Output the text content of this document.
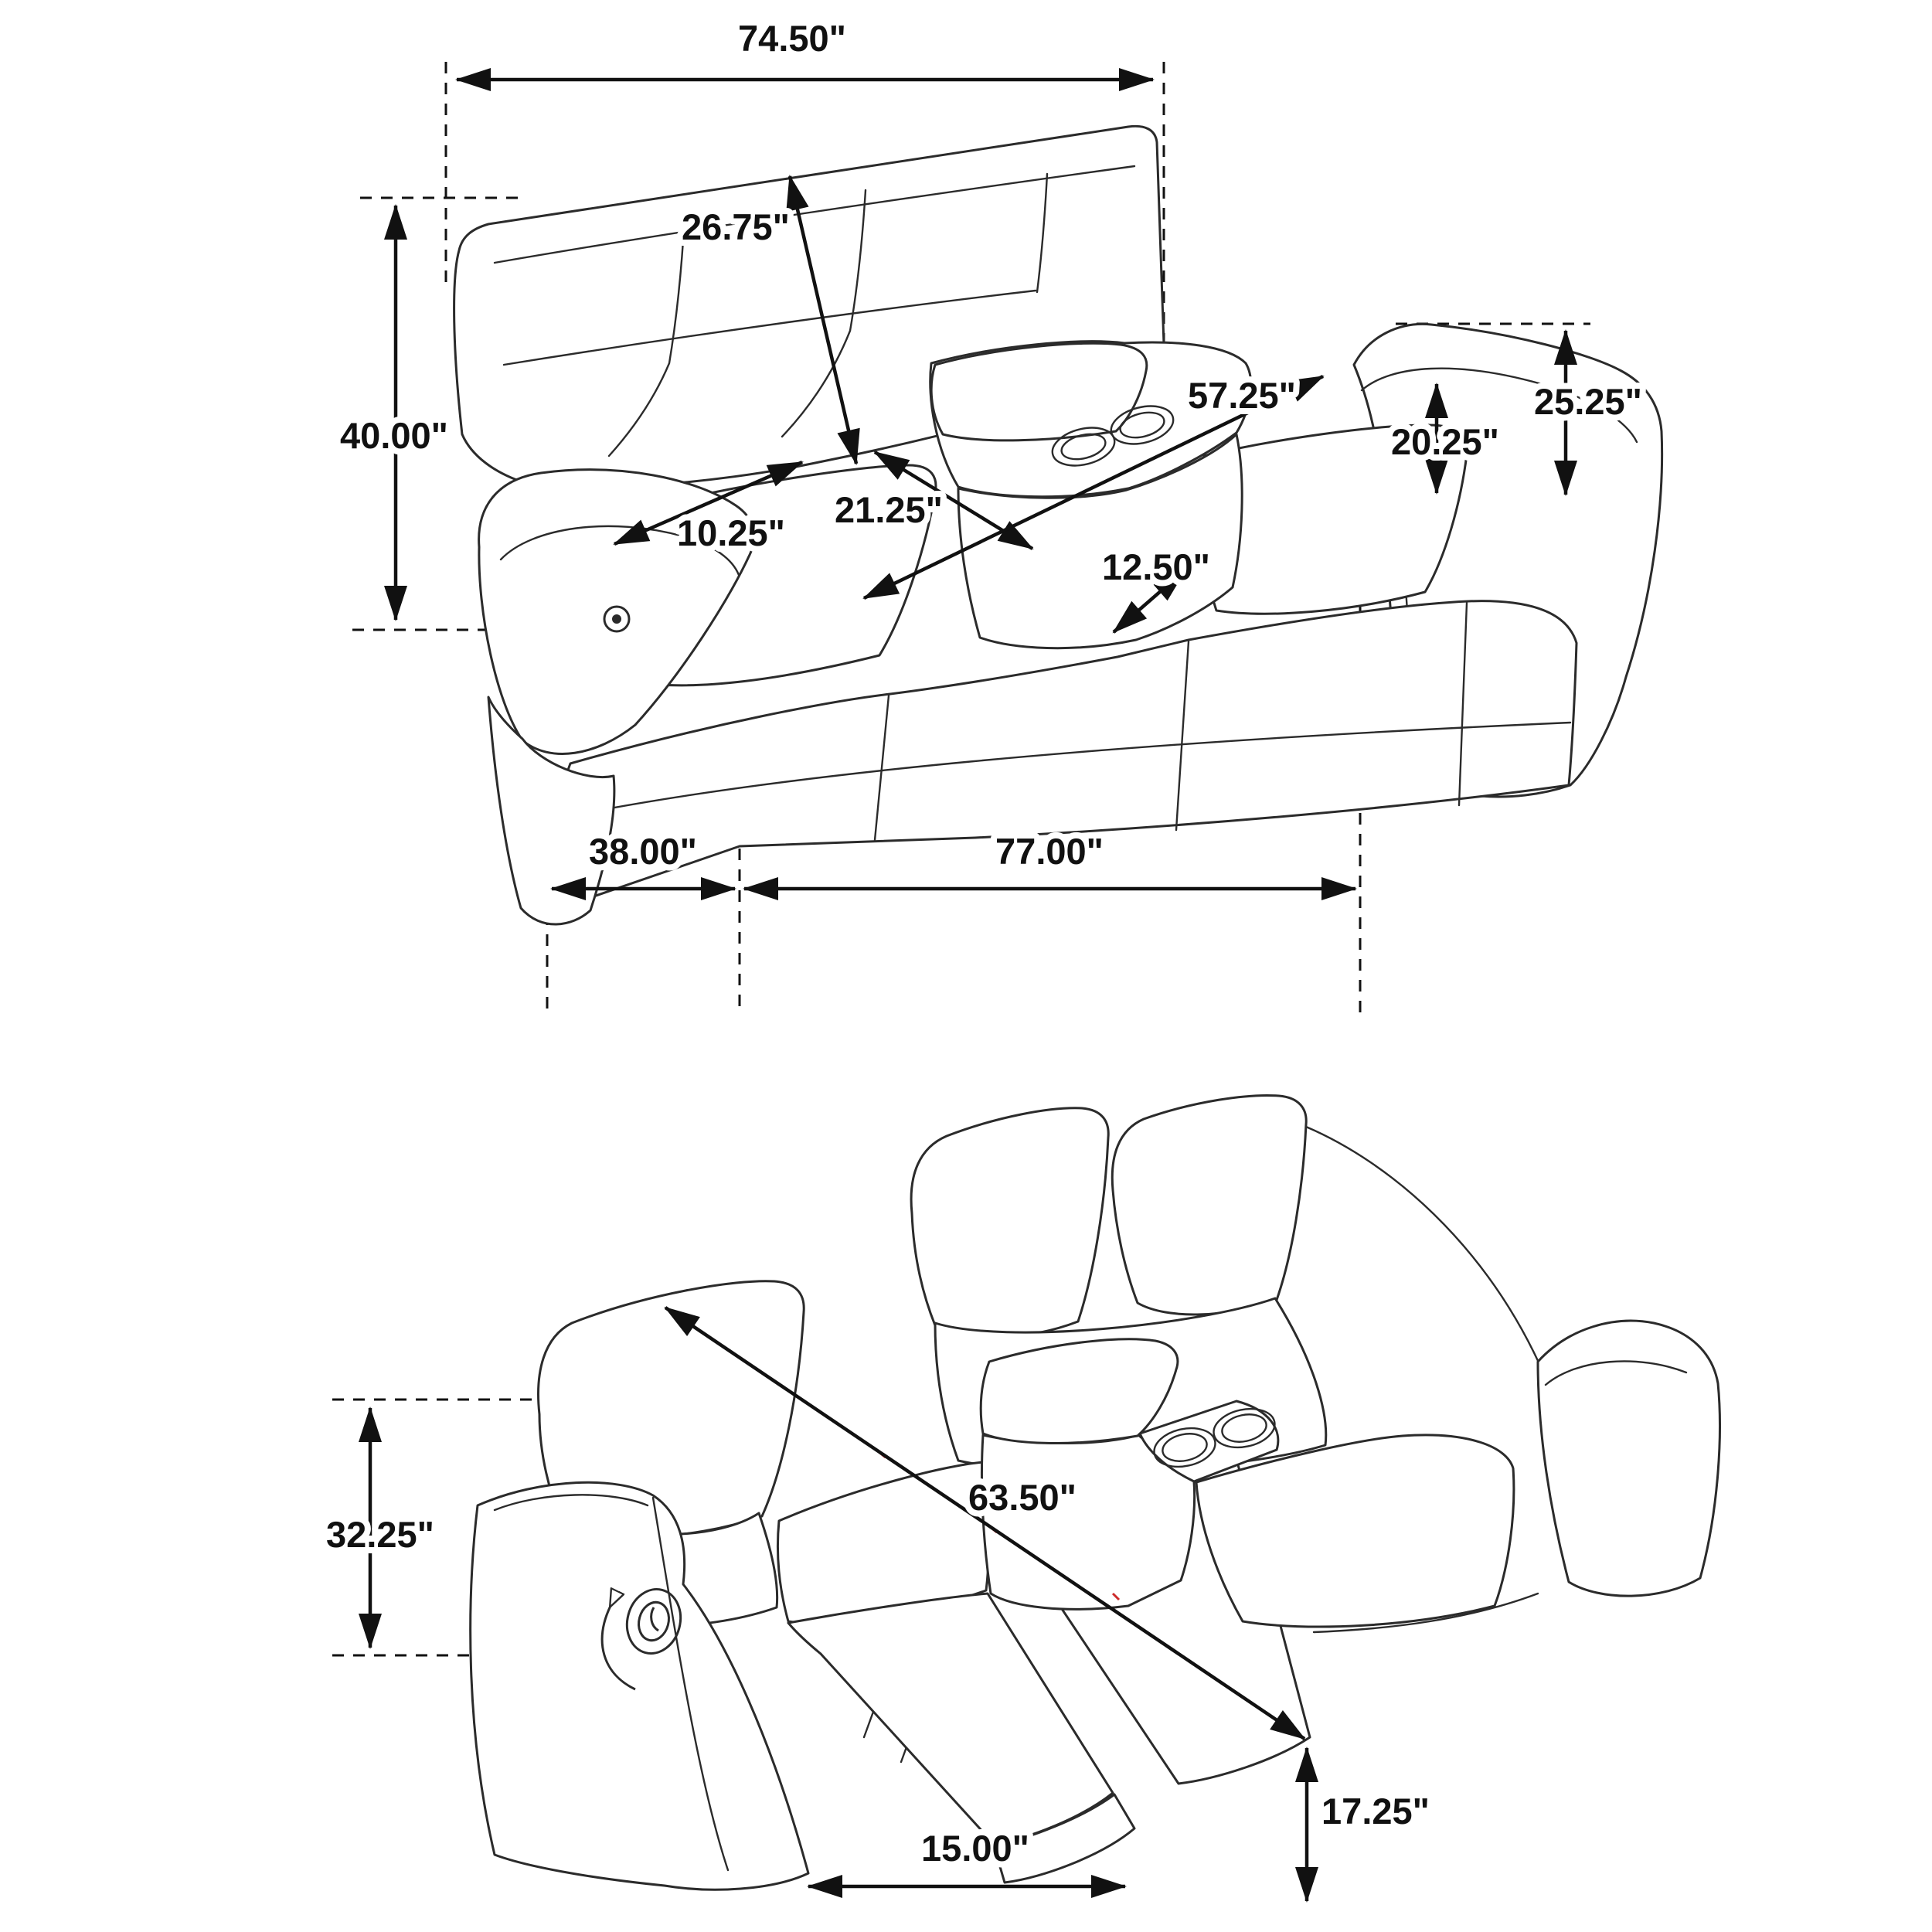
74.50"
26.75"
40.00"
10.25"
21.25"
57.25"
12.50"
25.25"
20.25"
38.00"	77.00"
32.25"
63.50"
17.25"
15.00"
